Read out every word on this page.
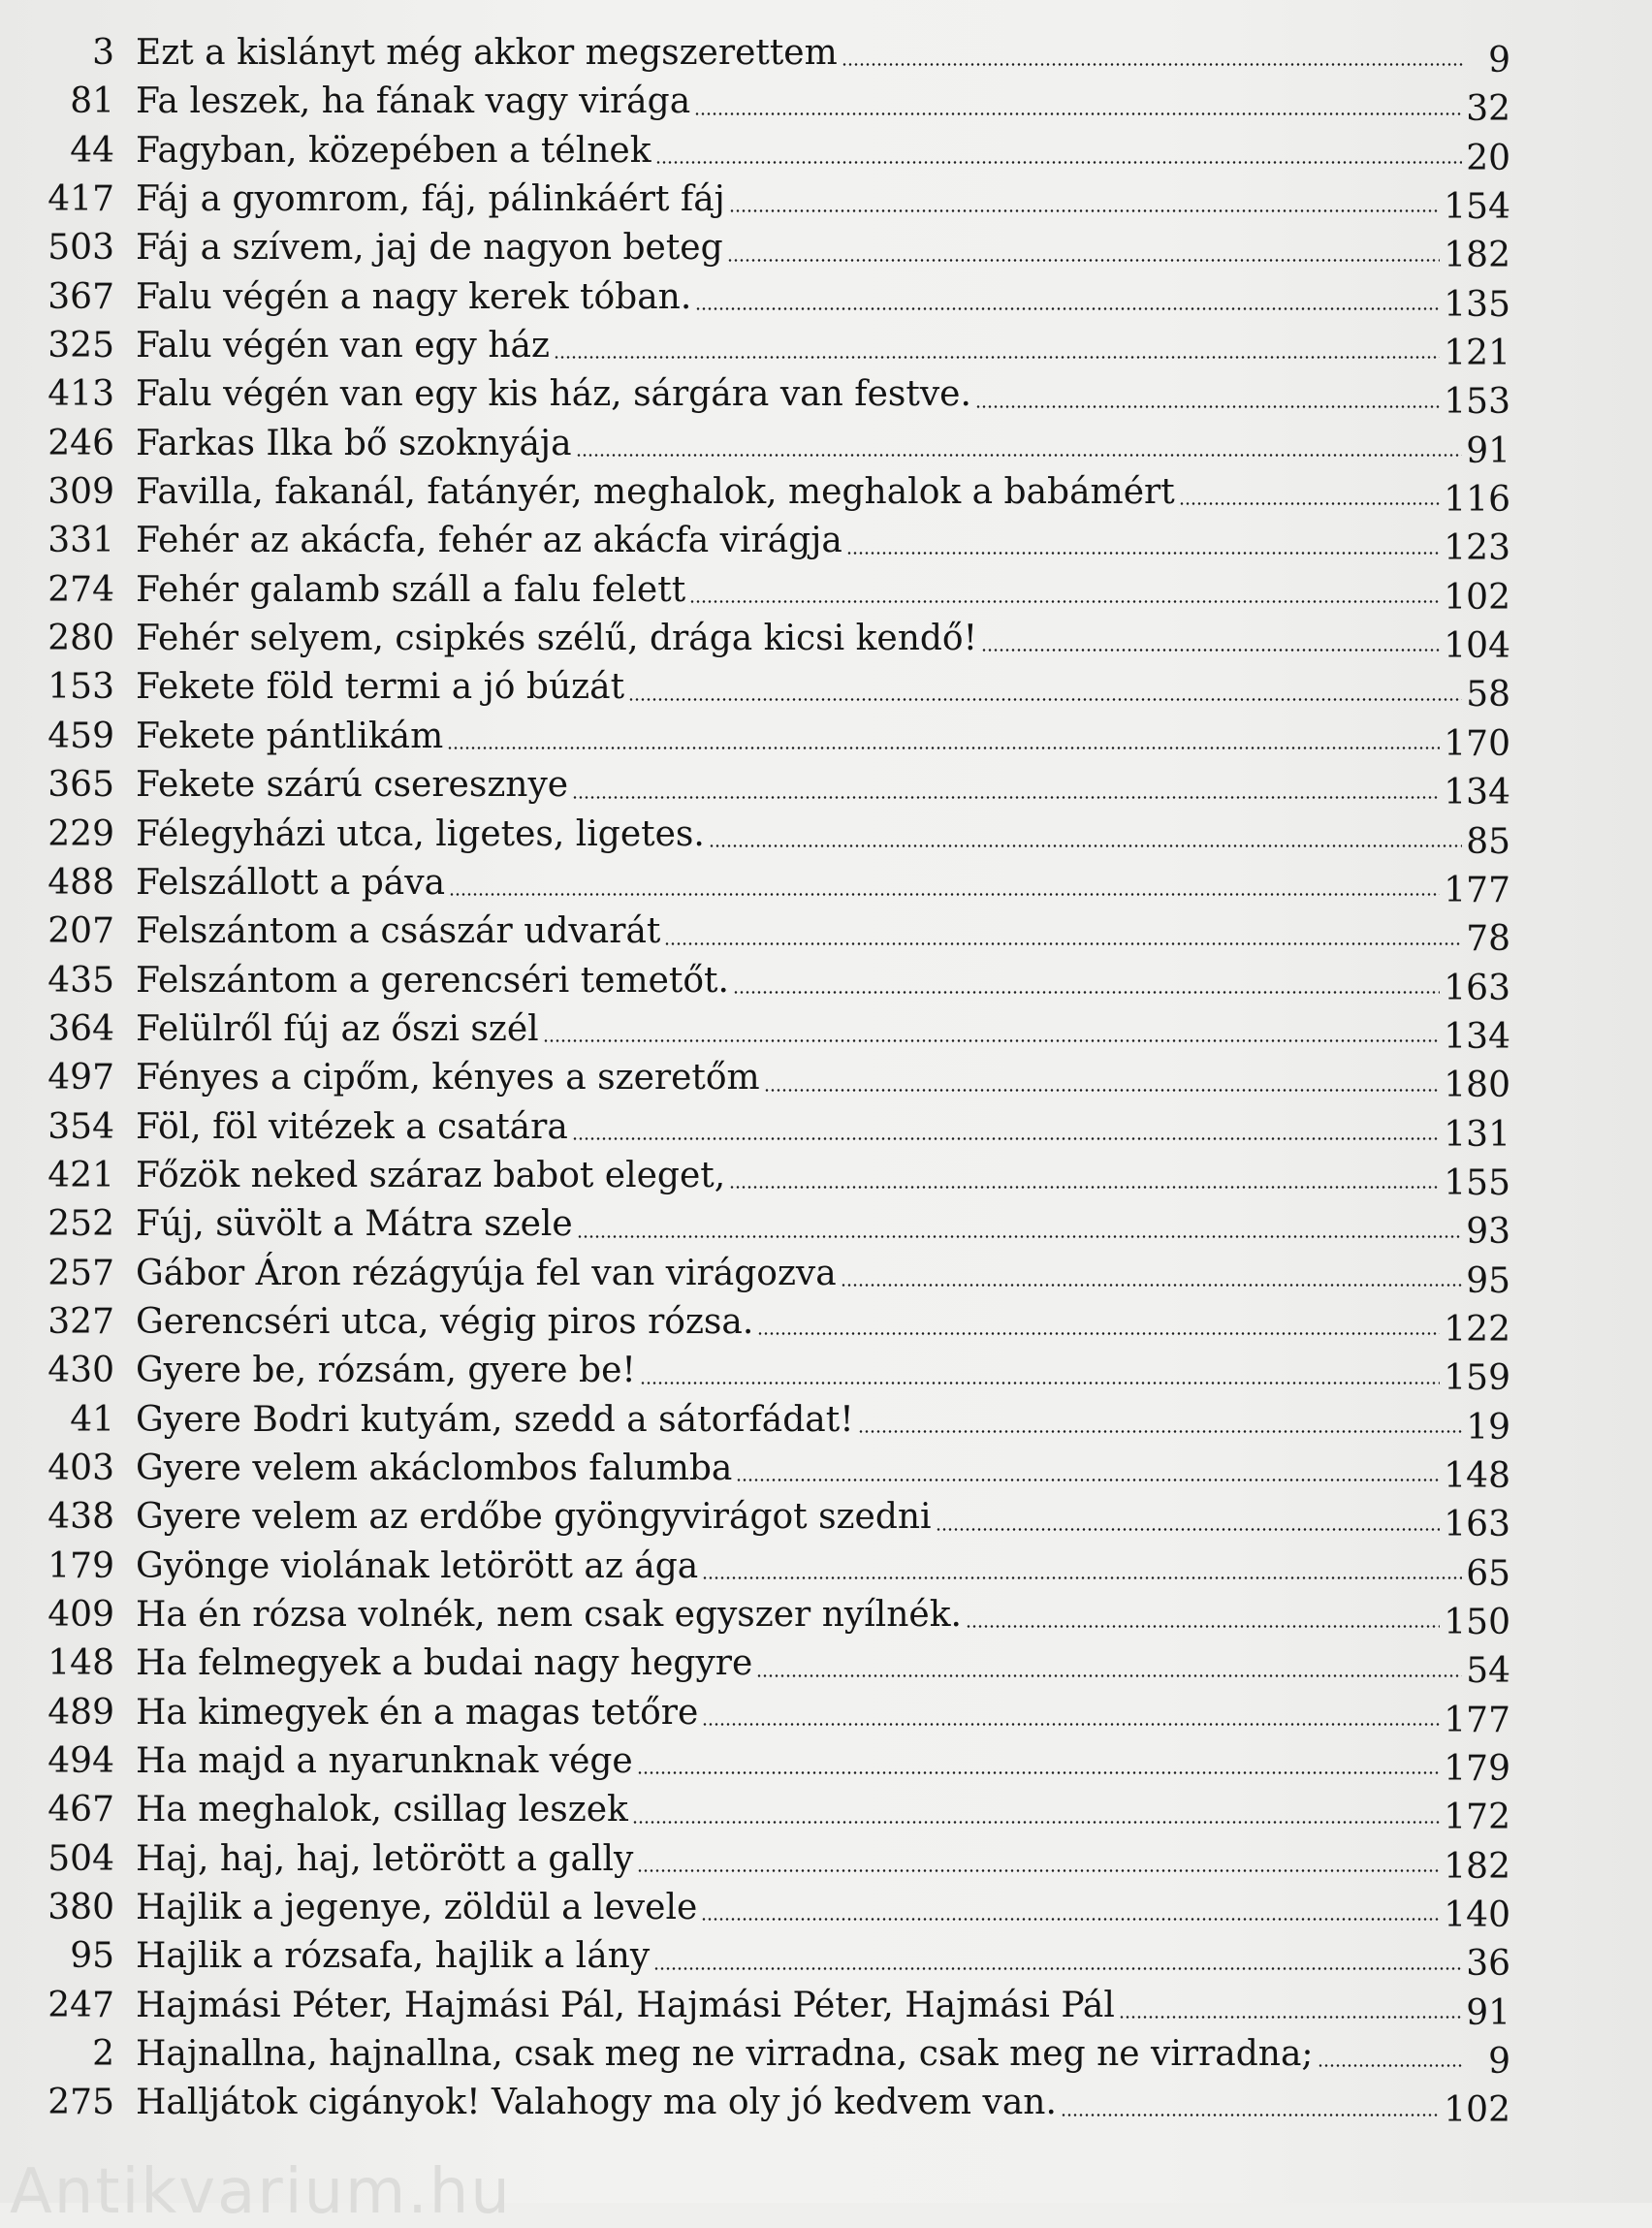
3 Ezt a kislányt még akkor megszerettem	9
81 Fa leszek, ha fának vagy virága	32
44 Fagyban, közepében a télnek	20
417 Fáj a gyomrom, fáj, pálinkáért fáj	154
503 Fáj a szívem, jaj de nagyon beteg	182
367 Falu végén a nagy kerek tóban.	135
325 Falu végén van egy ház	121
413 Falu végén van egy kis ház, sárgára van festve.	153
246 Farkas Ilka bő szoknyája	91
309 Favilla, fakanál, fatányér, meghalok, meghalok a babámért	116
331 Fehér az akácfa, fehér az akácfa virágja	123
274 Fehér galamb száll a falu felett	102
280 Fehér selyem, csipkés szélű, drága kicsi kendő!	104
153 Fekete föld termi a jó búzát	58
459 Fekete pántlikám	170
365 Fekete szárú cseresznye	134
229 Félegyházi utca, ligetes, ligetes.	85
488 Felszállott a páva	177
207 Felszántom a császár udvarát	78
435 Felszántom a gerencséri temetőt.	163
364 Felülről fúj az őszi szél	134
497 Fényes a cipőm, kényes a szeretőm	180
354 Föl, föl vitézek a csatára	131
421 Főzök neked száraz babot eleget,	155
252 Fúj, süvölt a Mátra szele	93
257 Gábor Áron rézágyúja fel van virágozva	95
327 Gerencséri utca, végig piros rózsa.	122
430 Gyere be, rózsám, gyere be!	159
41 Gyere Bodri kutyám, szedd a sátorfádat!	19
403 Gyere velem akáclombos falumba	148
438 Gyere velem az erdőbe gyöngyvirágot szedni	163
179 Gyönge violának letörött az ága	65
409 Ha én rózsa volnék, nem csak egyszer nyílnék.	150
148 Ha felmegyek a budai nagy hegyre	54
489 Ha kimegyek én a magas tetőre	177
494 Ha majd a nyarunknak vége	179
467 Ha meghalok, csillag leszek	172
504 Haj, haj, haj, letörött a gally	182
380 Hajlik a jegenye, zöldül a levele	140
95 Hajlik a rózsafa, hajlik a lány	36
247 Hajmási Péter, Hajmási Pál, Hajmási Péter, Hajmási Pál	91
2 Hajnallna, hajnallna, csak meg ne virradna, csak meg ne virradna;	9
275 Halljátok cigányok! Valahogy ma oly jó kedvem van.	102
Antikvarium.hu
